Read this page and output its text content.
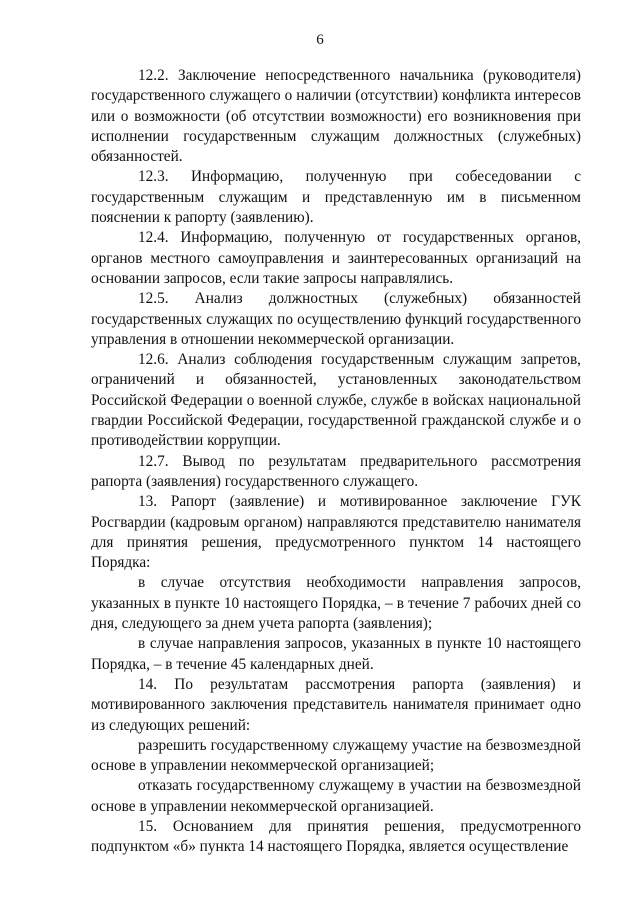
6

12.2. Заключение непосредственного начальника (руководителя) государственного служащего о наличии (отсутствии) конфликта интересов или о возможности (об отсутствии возможности) его возникновения при исполнении государственным служащим должностных (служебных) обязанностей.

12.3. Информацию, полученную при собеседовании с государственным служащим и представленную им в письменном пояснении к рапорту (заявлению).

12.4. Информацию, полученную от государственных органов, органов местного самоуправления и заинтересованных организаций на основании запросов, если такие запросы направлялись.

12.5. Анализ должностных (служебных) обязанностей государственных служащих по осуществлению функций государственного управления в отношении некоммерческой организации.

12.6. Анализ соблюдения государственным служащим запретов, ограничений и обязанностей, установленных законодательством Российской Федерации о военной службе, службе в войсках национальной гвардии Российской Федерации, государственной гражданской службе и о противодействии коррупции.

12.7. Вывод по результатам предварительного рассмотрения рапорта (заявления) государственного служащего.

13. Рапорт (заявление) и мотивированное заключение ГУК Росгвардии (кадровым органом) направляются представителю нанимателя для принятия решения, предусмотренного пунктом 14 настоящего Порядка:

в случае отсутствия необходимости направления запросов, указанных в пункте 10 настоящего Порядка, – в течение 7 рабочих дней со дня, следующего за днем учета рапорта (заявления);

в случае направления запросов, указанных в пункте 10 настоящего Порядка, – в течение 45 календарных дней.

14. По результатам рассмотрения рапорта (заявления) и мотивированного заключения представитель нанимателя принимает одно из следующих решений:

разрешить государственному служащему участие на безвозмездной основе в управлении некоммерческой организацией;

отказать государственному служащему в участии на безвозмездной основе в управлении некоммерческой организацией.

15. Основанием для принятия решения, предусмотренного подпунктом «б» пункта 14 настоящего Порядка, является осуществление
